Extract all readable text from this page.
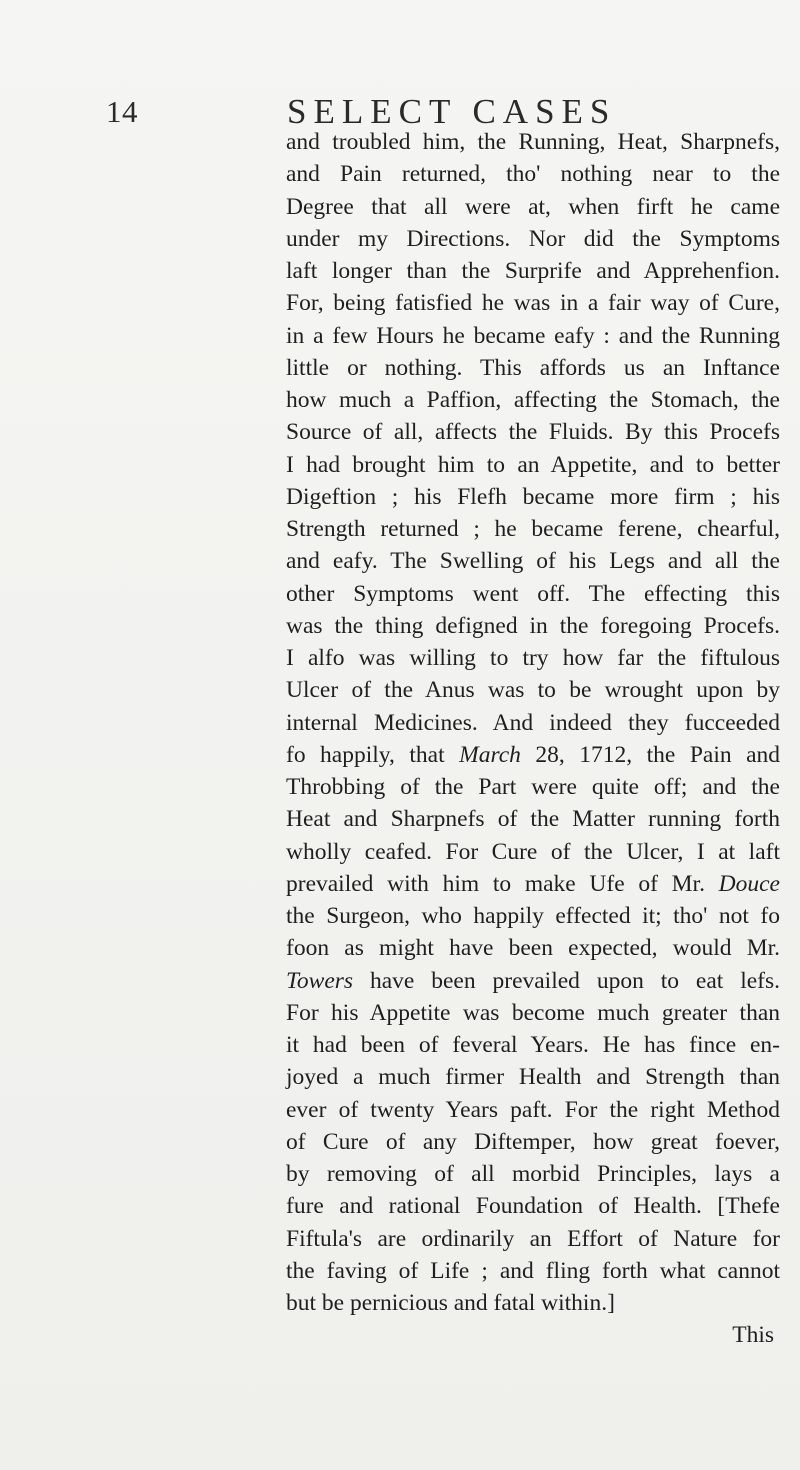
14	SELECT CASES
and troubled him, the Running, Heat, Sharpnefs,
and Pain returned, tho' nothing near to the
Degree that all were at, when firft he came
under my Directions. Nor did the Symptoms
laft longer than the Surprife and Apprehenfion.
For, being fatisfied he was in a fair way of Cure,
in a few Hours he became eafy : and the Running
little or nothing. This affords us an Inftance
how much a Paffion, affecting the Stomach, the
Source of all, affects the Fluids. By this Procefs
I had brought him to an Appetite, and to better
Digeftion ; his Flefh became more firm ; his
Strength returned ; he became ferene, chearful,
and eafy. The Swelling of his Legs and all the
other Symptoms went off. The effecting this
was the thing defigned in the foregoing Procefs.
I alfo was willing to try how far the fiftulous
Ulcer of the Anus was to be wrought upon by
internal Medicines. And indeed they fucceeded
fo happily, that March 28, 1712, the Pain and
Throbbing of the Part were quite off; and the
Heat and Sharpnefs of the Matter running forth
wholly ceafed. For Cure of the Ulcer, I at laft
prevailed with him to make Ufe of Mr. Douce
the Surgeon, who happily effected it; tho' not fo
foon as might have been expected, would Mr.
Towers have been prevailed upon to eat lefs.
For his Appetite was become much greater than
it had been of feveral Years. He has fince en-
joyed a much firmer Health and Strength than
ever of twenty Years paft. For the right Method
of Cure of any Diftemper, how great foever,
by removing of all morbid Principles, lays a
fure and rational Foundation of Health. [Thefe
Fiftula's are ordinarily an Effort of Nature for
the faving of Life ; and fling forth what cannot
but be pernicious and fatal within.]
This
